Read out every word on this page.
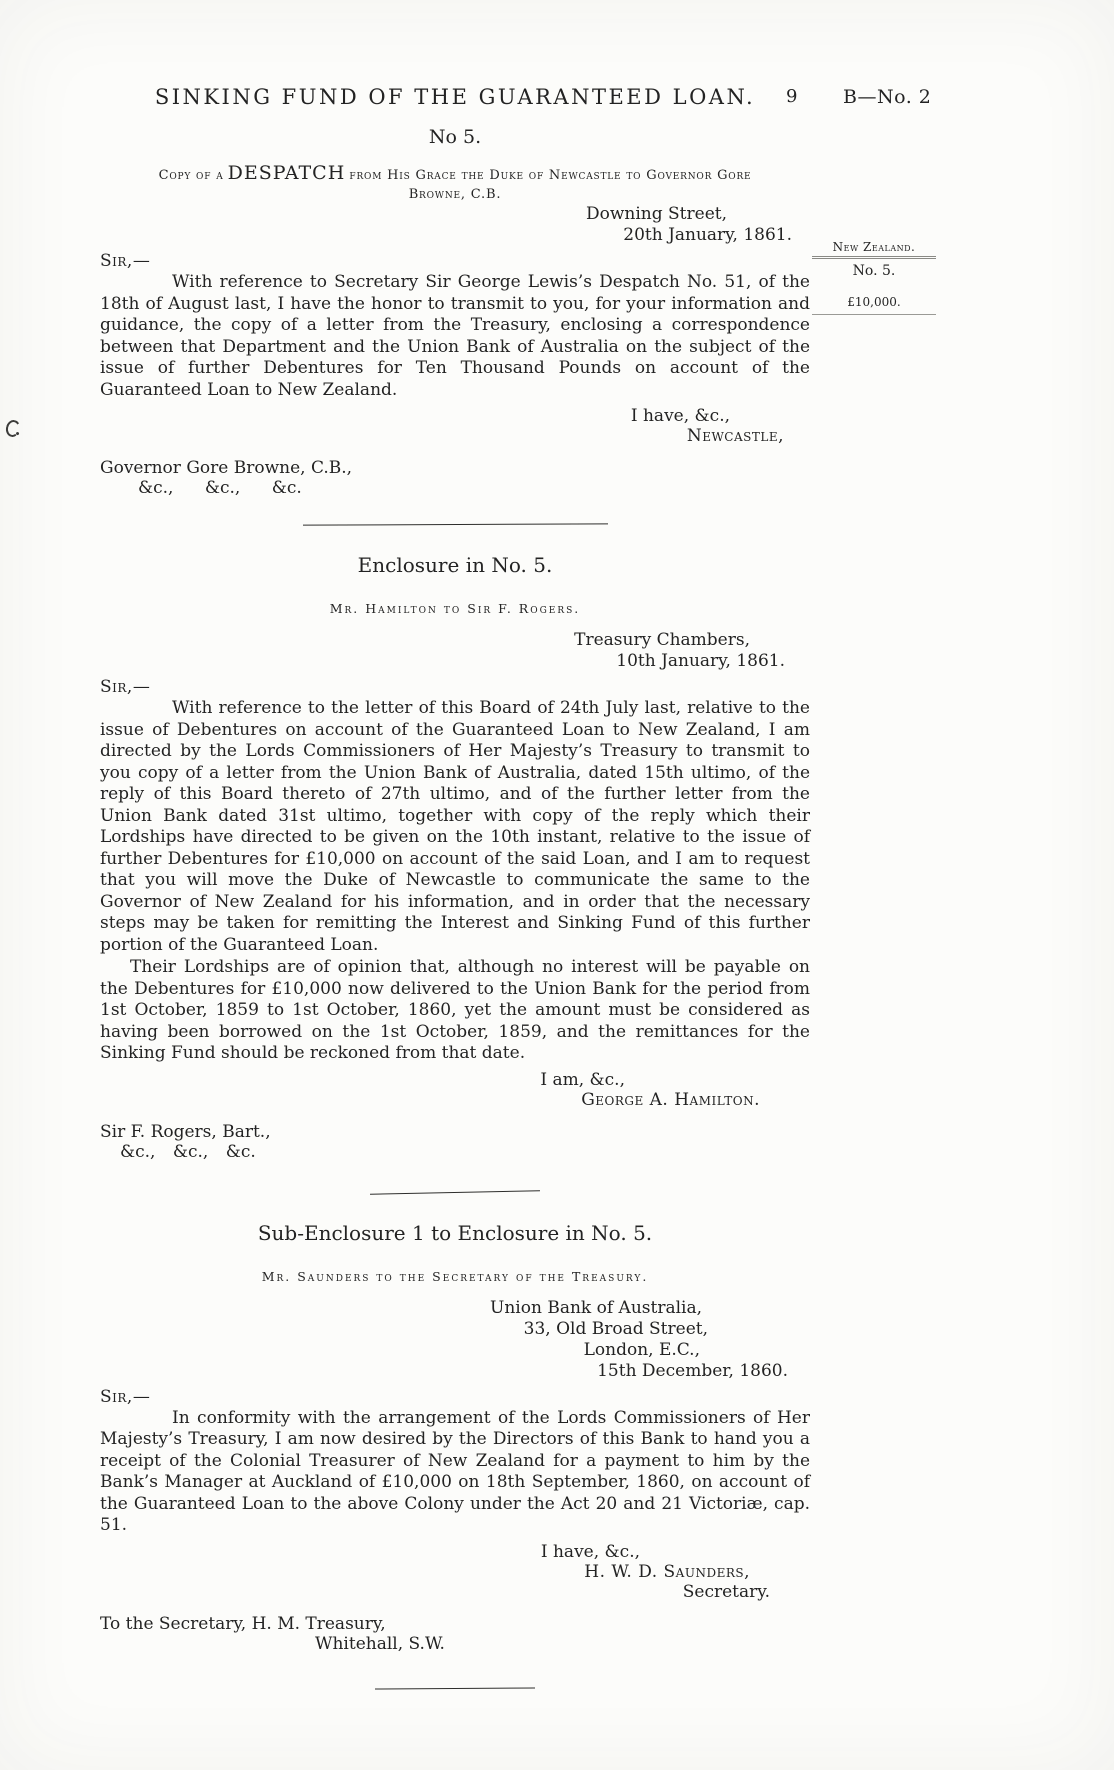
SINKING FUND OF THE GUARANTEED LOAN.	9 B—No. 2
New Zealand.
No. 5.
£10,000.
No 5.
Copy of a DESPATCH from His Grace the Duke of Newcastle to Governor Gore
Browne, C.B.
Downing Street,
20th January, 1861.
Sir,—

With reference to Secretary Sir George Lewis’s Despatch No. 51, of the 18th of August last, I have the honor to transmit to you, for your information and guidance, the copy of a letter from the Treasury, enclosing a correspondence between that Department and the Union Bank of Australia on the subject of the issue of further Debentures for Ten Thousand Pounds on account of the Guaranteed Loan to New Zealand.

I have, &c.,
Newcastle,
Governor Gore Browne, C.B.,
&c., &c., &c.
Enclosure in No. 5.
Mr. Hamilton to Sir F. Rogers.
Treasury Chambers,
10th January, 1861.
Sir,—

With reference to the letter of this Board of 24th July last, relative to the issue of Debentures on account of the Guaranteed Loan to New Zealand, I am directed by the Lords Commissioners of Her Majesty’s Treasury to transmit to you copy of a letter from the Union Bank of Australia, dated 15th ultimo, of the reply of this Board thereto of 27th ultimo, and of the further letter from the Union Bank dated 31st ultimo, together with copy of the reply which their Lordships have directed to be given on the 10th instant, relative to the issue of further Debentures for £10,000 on account of the said Loan, and I am to request that you will move the Duke of Newcastle to communicate the same to the Governor of New Zealand for his information, and in order that the necessary steps may be taken for remitting the Interest and Sinking Fund of this further portion of the Guaranteed Loan.

Their Lordships are of opinion that, although no interest will be payable on the Debentures for £10,000 now delivered to the Union Bank for the period from 1st October, 1859 to 1st October, 1860, yet the amount must be considered as having been borrowed on the 1st October, 1859, and the remittances for the Sinking Fund should be reckoned from that date.

I am, &c.,
George A. Hamilton.
Sir F. Rogers, Bart.,
&c., &c., &c.
Sub-Enclosure 1 to Enclosure in No. 5.
Mr. Saunders to the Secretary of the Treasury.
Union Bank of Australia,
33, Old Broad Street,
London, E.C.,
15th December, 1860.
Sir,—

In conformity with the arrangement of the Lords Commissioners of Her Majesty’s Treasury, I am now desired by the Directors of this Bank to hand you a receipt of the Colonial Treasurer of New Zealand for a payment to him by the Bank’s Manager at Auckland of £10,000 on 18th September, 1860, on account of the Guaranteed Loan to the above Colony under the Act 20 and 21 Victoriæ, cap. 51.

I have, &c.,
H. W. D. Saunders,
Secretary.
To the Secretary, H. M. Treasury,
Whitehall, S.W.
